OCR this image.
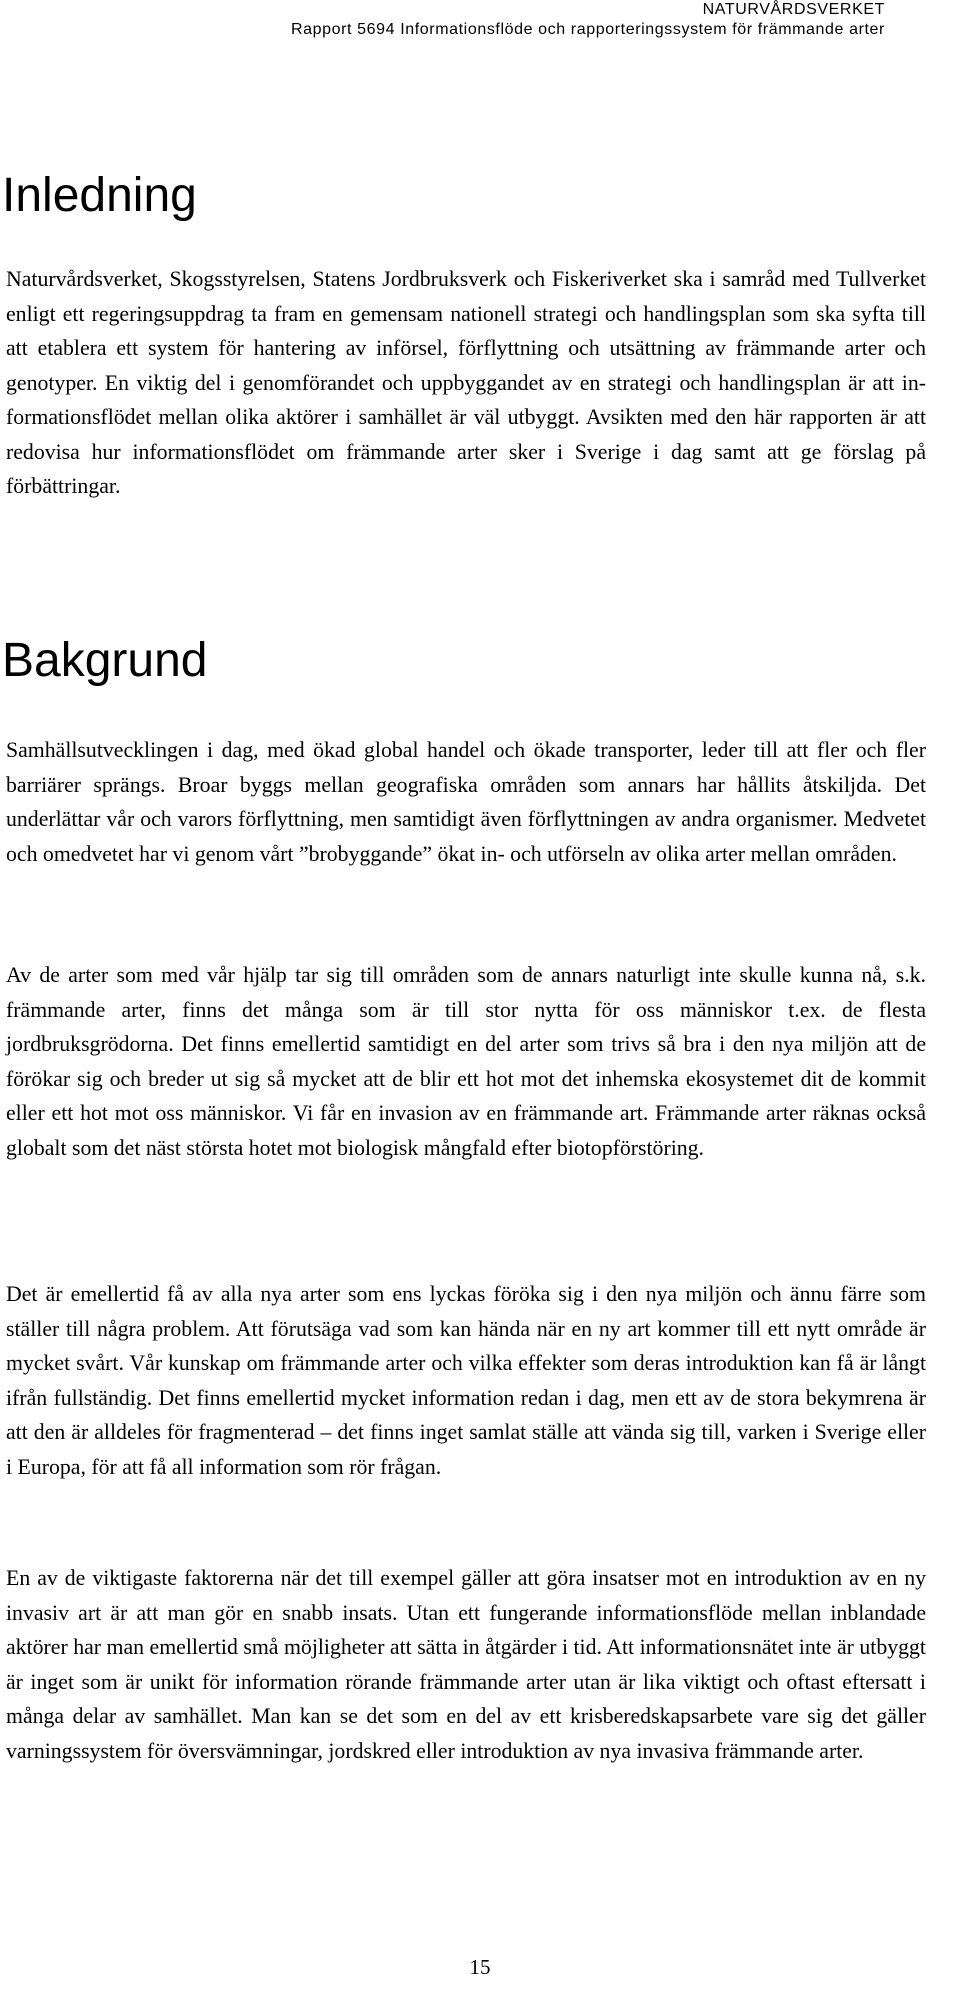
NATURVÅRDSVERKET
Rapport 5694 Informationsflöde och rapporteringssystem för främmande arter
Inledning

Naturvårdsverket, Skogsstyrelsen, Statens Jordbruksverk och Fiskeriverket ska i samråd med Tullverket enligt ett regeringsuppdrag ta fram en gemensam nationell strategi och handlingsplan som ska syfta till att etablera ett system för hantering av införsel, förflyttning och utsättning av främmande arter och genotyper. En viktig del i genomförandet och uppbyggandet av en strategi och handlingsplan är att informationsflödet mellan olika aktörer i samhället är väl utbyggt. Avsikten med den här rapporten är att redovisa hur informationsflödet om främmande arter sker i Sverige i dag samt att ge förslag på förbättringar.

Bakgrund

Samhällsutvecklingen i dag, med ökad global handel och ökade transporter, leder till att fler och fler barriärer sprängs. Broar byggs mellan geografiska områden som annars har hållits åtskiljda. Det underlättar vår och varors förflyttning, men samtidigt även förflyttningen av andra organismer. Medvetet och omedvetet har vi genom vårt ”brobyggande” ökat in- och utförseln av olika arter mellan områden.

Av de arter som med vår hjälp tar sig till områden som de annars naturligt inte skulle kunna nå, s.k. främmande arter, finns det många som är till stor nytta för oss människor t.ex. de flesta jordbruksgrödorna. Det finns emellertid samtidigt en del arter som trivs så bra i den nya miljön att de förökar sig och breder ut sig så mycket att de blir ett hot mot det inhemska ekosystemet dit de kommit eller ett hot mot oss människor. Vi får en invasion av en främmande art. Främmande arter räknas också globalt som det näst största hotet mot biologisk mångfald efter biotopförstöring.

Det är emellertid få av alla nya arter som ens lyckas föröka sig i den nya miljön och ännu färre som ställer till några problem. Att förutsäga vad som kan hända när en ny art kommer till ett nytt område är mycket svårt. Vår kunskap om främmande arter och vilka effekter som deras introduktion kan få är långt ifrån fullständig. Det finns emellertid mycket information redan i dag, men ett av de stora bekymrena är att den är alldeles för fragmenterad – det finns inget samlat ställe att vända sig till, varken i Sverige eller i Europa, för att få all information som rör frågan.

En av de viktigaste faktorerna när det till exempel gäller att göra insatser mot en introduktion av en ny invasiv art är att man gör en snabb insats. Utan ett fungerande informationsflöde mellan inblandade aktörer har man emellertid små möjligheter att sätta in åtgärder i tid. Att informationsnätet inte är utbyggt är inget som är unikt för information rörande främmande arter utan är lika viktigt och oftast eftersatt i många delar av samhället. Man kan se det som en del av ett krisberedskapsarbete vare sig det gäller varningssystem för översvämningar, jordskred eller introduktion av nya invasiva främmande arter.

15
